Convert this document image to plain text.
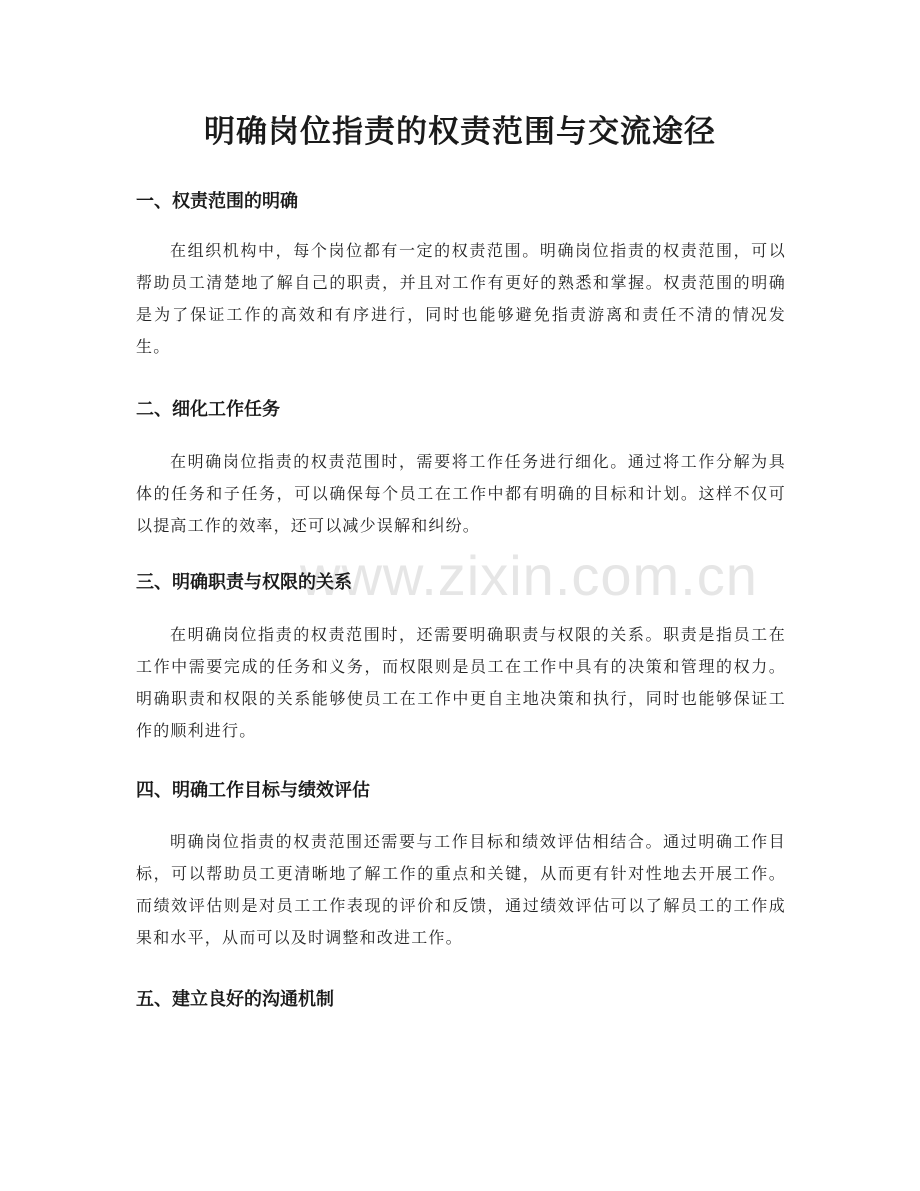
www.zixin.com.cn
明确岗位指责的权责范围与交流途径
一、权责范围的明确

在组织机构中，每个岗位都有一定的权责范围。明确岗位指责的权责范围，可以帮助员工清楚地了解自己的职责，并且对工作有更好的熟悉和掌握。权责范围的明确是为了保证工作的高效和有序进行，同时也能够避免指责游离和责任不清的情况发生。

二、细化工作任务

在明确岗位指责的权责范围时，需要将工作任务进行细化。通过将工作分解为具体的任务和子任务，可以确保每个员工在工作中都有明确的目标和计划。这样不仅可以提高工作的效率，还可以减少误解和纠纷。

三、明确职责与权限的关系

在明确岗位指责的权责范围时，还需要明确职责与权限的关系。职责是指员工在工作中需要完成的任务和义务，而权限则是员工在工作中具有的决策和管理的权力。明确职责和权限的关系能够使员工在工作中更自主地决策和执行，同时也能够保证工作的顺利进行。

四、明确工作目标与绩效评估

明确岗位指责的权责范围还需要与工作目标和绩效评估相结合。通过明确工作目标，可以帮助员工更清晰地了解工作的重点和关键，从而更有针对性地去开展工作。而绩效评估则是对员工工作表现的评价和反馈，通过绩效评估可以了解员工的工作成果和水平，从而可以及时调整和改进工作。

五、建立良好的沟通机制
